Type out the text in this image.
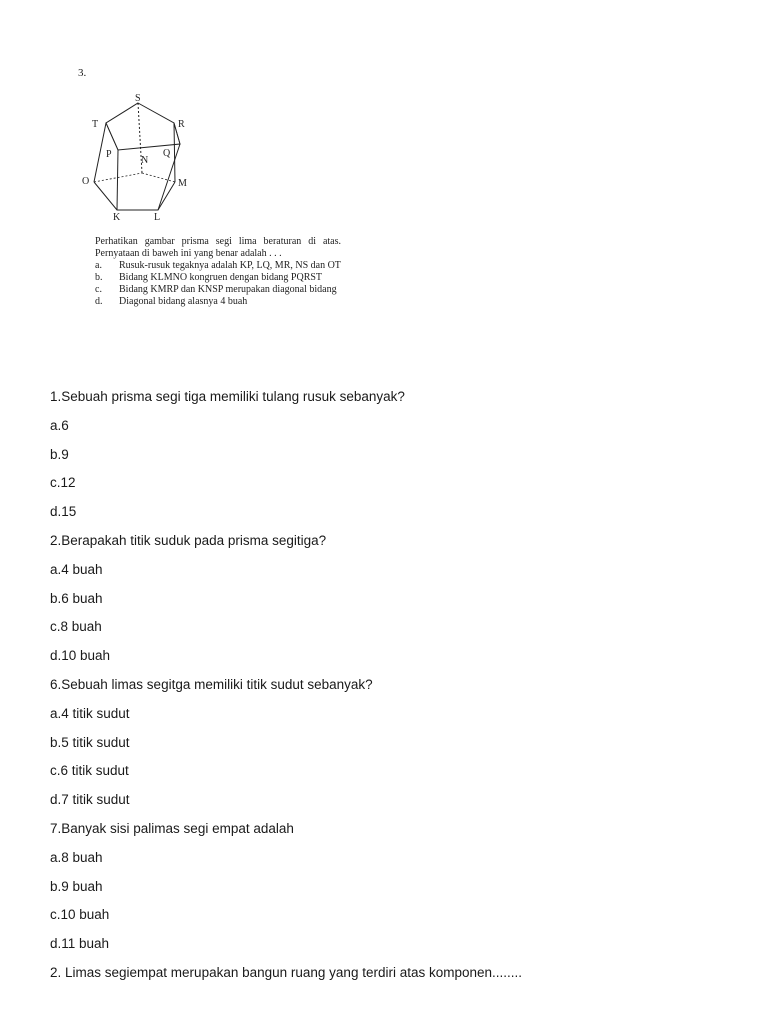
3.
S
T	R
P
N
Q
O	M
K	L
Perhatikan gambar prisma segi lima beraturan di atas. Pernyataan di baweh ini yang benar adalah . . .
a.	Rusuk-rusuk tegaknya adalah KP, LQ, MR, NS dan OT
b.	Bidang KLMNO kongruen dengan bidang PQRST
c.	Bidang KMRP dan KNSP merupakan diagonal bidang
d.	Diagonal bidang alasnya 4 buah
1.Sebuah prisma segi tiga memiliki tulang rusuk sebanyak?
a.6
b.9
c.12
d.15
2.Berapakah titik suduk pada prisma segitiga?
a.4 buah
b.6 buah
c.8 buah
d.10 buah
6.Sebuah limas segitga memiliki titik sudut sebanyak?
a.4 titik sudut
b.5 titik sudut
c.6 titik sudut
d.7 titik sudut
7.Banyak sisi palimas segi empat adalah
a.8 buah
b.9 buah
c.10 buah
d.11 buah
2. Limas segiempat merupakan bangun ruang yang terdiri atas komponen........
